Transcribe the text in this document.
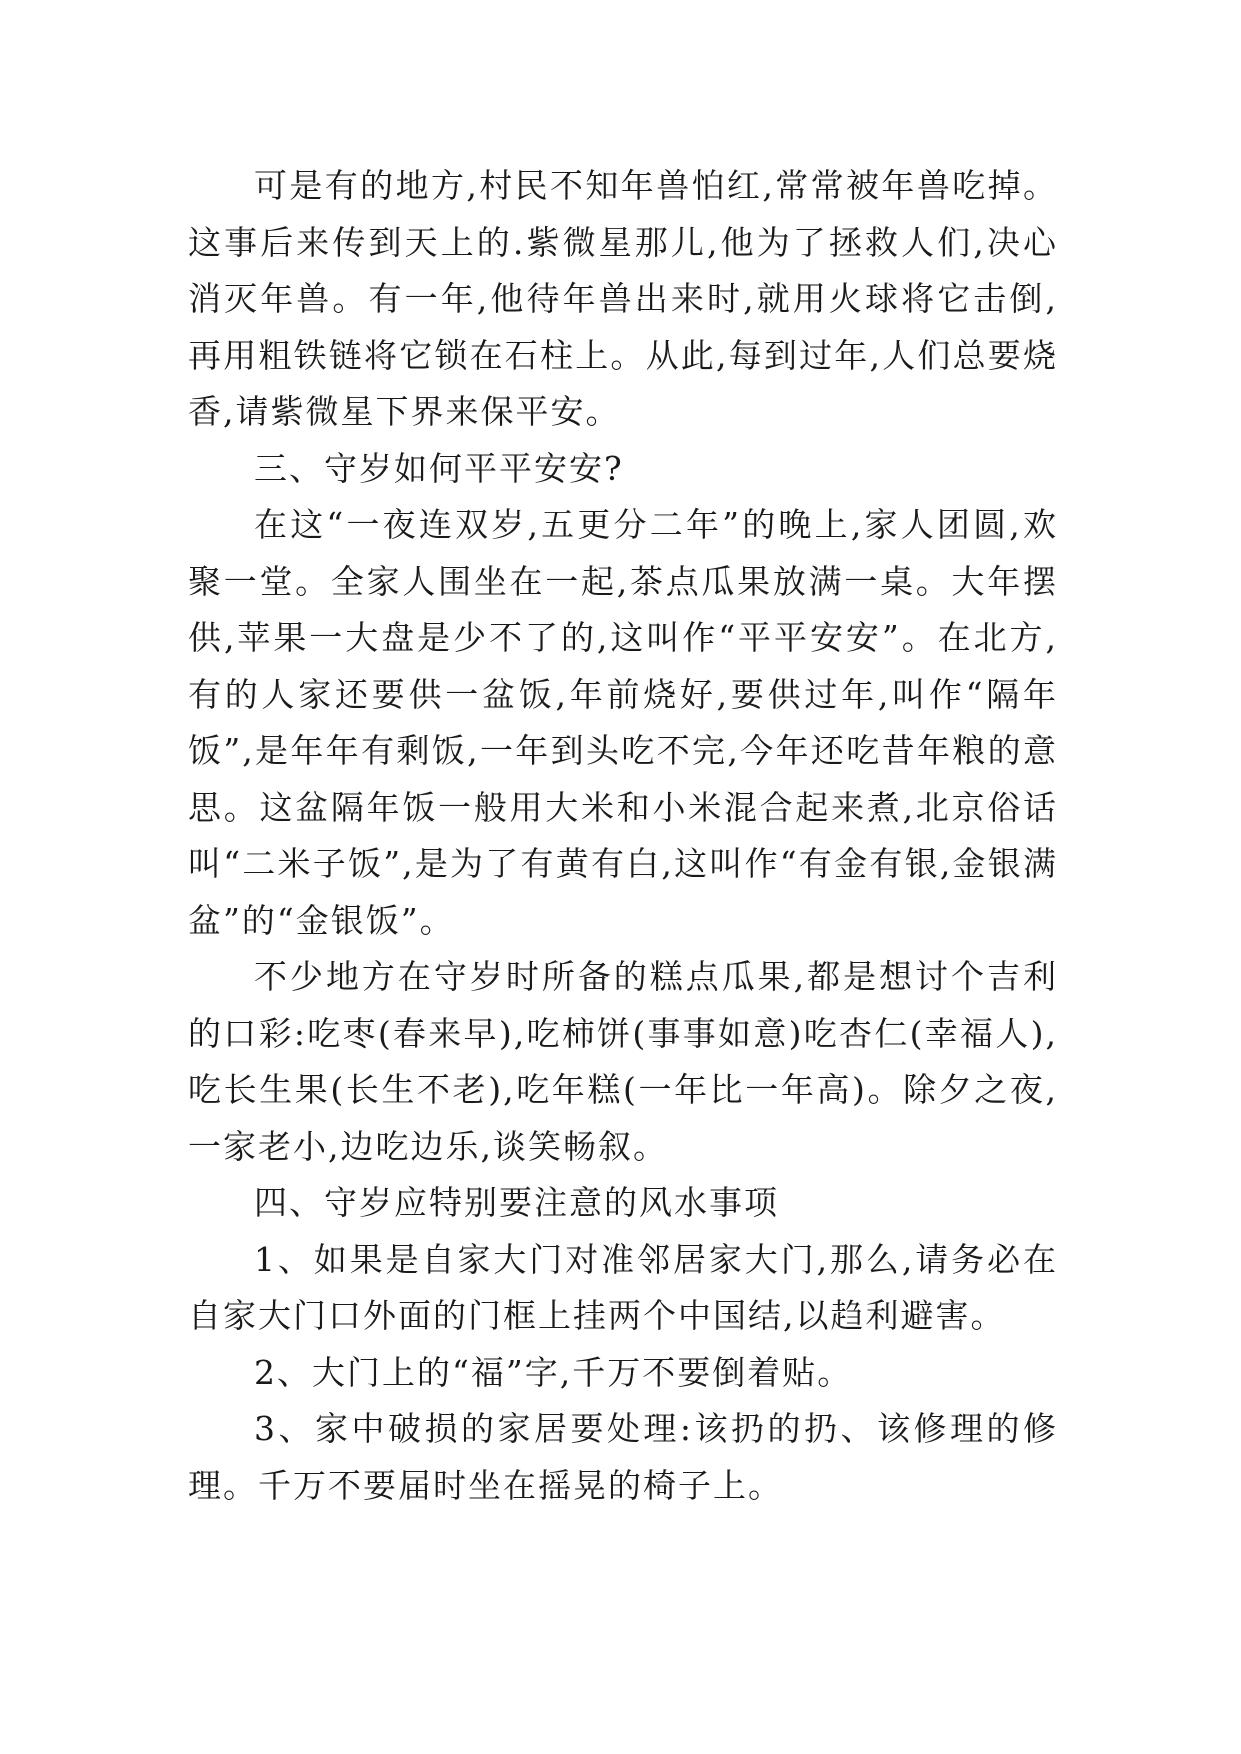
可是有的地方,村民不知年兽怕红,常常被年兽吃掉。这事后来传到天上的.紫微星那儿,他为了拯救人们,决心消灭年兽。有一年,他待年兽出来时,就用火球将它击倒,再用粗铁链将它锁在石柱上。从此,每到过年,人们总要烧香,请紫微星下界来保平安。

三、守岁如何平平安安?

在这“一夜连双岁,五更分二年”的晚上,家人团圆,欢聚一堂。全家人围坐在一起,茶点瓜果放满一桌。大年摆供,苹果一大盘是少不了的,这叫作“平平安安”。在北方,有的人家还要供一盆饭,年前烧好,要供过年,叫作“隔年饭”,是年年有剩饭,一年到头吃不完,今年还吃昔年粮的意思。这盆隔年饭一般用大米和小米混合起来煮,北京俗话叫“二米子饭”,是为了有黄有白,这叫作“有金有银,金银满盆”的“金银饭”。

不少地方在守岁时所备的糕点瓜果,都是想讨个吉利的口彩:吃枣(春来早),吃柿饼(事事如意)吃杏仁(幸福人),吃长生果(长生不老),吃年糕(一年比一年高)。除夕之夜,一家老小,边吃边乐,谈笑畅叙。

四、守岁应特别要注意的风水事项

1、如果是自家大门对准邻居家大门,那么,请务必在自家大门口外面的门框上挂两个中国结,以趋利避害。

2、大门上的“福”字,千万不要倒着贴。

3、家中破损的家居要处理:该扔的扔、该修理的修理。千万不要届时坐在摇晃的椅子上。
